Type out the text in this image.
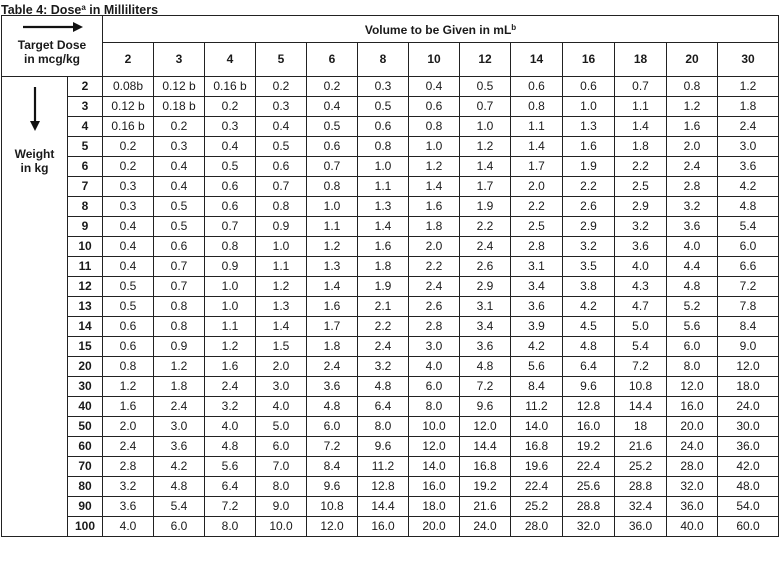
Table 4: Dose$^a$ in Milliliters
Target Dose
in mcg/kg		Volume to be Given in $mL^b$
		2	3	4	5	6	8	10	12	14	16	18	20	30

Weight
in kg	2	0.08b	0.12 b	0.16 b	0.2	0.2	0.3	0.4	0.5	0.6	0.6	0.7	0.8	1.2
	3	0.12 b	0.18 b	0.2	0.3	0.4	0.5	0.6	0.7	0.8	1.0	1.1	1.2	1.8
	4	0.16 b	0.2	0.3	0.4	0.5	0.6	0.8	1.0	1.1	1.3	1.4	1.6	2.4
	5	0.2	0.3	0.4	0.5	0.6	0.8	1.0	1.2	1.4	1.6	1.8	2.0	3.0
	6	0.2	0.4	0.5	0.6	0.7	1.0	1.2	1.4	1.7	1.9	2.2	2.4	3.6
	7	0.3	0.4	0.6	0.7	0.8	1.1	1.4	1.7	2.0	2.2	2.5	2.8	4.2
	8	0.3	0.5	0.6	0.8	1.0	1.3	1.6	1.9	2.2	2.6	2.9	3.2	4.8
	9	0.4	0.5	0.7	0.9	1.1	1.4	1.8	2.2	2.5	2.9	3.2	3.6	5.4
	10	0.4	0.6	0.8	1.0	1.2	1.6	2.0	2.4	2.8	3.2	3.6	4.0	6.0
	11	0.4	0.7	0.9	1.1	1.3	1.8	2.2	2.6	3.1	3.5	4.0	4.4	6.6
	12	0.5	0.7	1.0	1.2	1.4	1.9	2.4	2.9	3.4	3.8	4.3	4.8	7.2
	13	0.5	0.8	1.0	1.3	1.6	2.1	2.6	3.1	3.6	4.2	4.7	5.2	7.8
	14	0.6	0.8	1.1	1.4	1.7	2.2	2.8	3.4	3.9	4.5	5.0	5.6	8.4
	15	0.6	0.9	1.2	1.5	1.8	2.4	3.0	3.6	4.2	4.8	5.4	6.0	9.0
	20	0.8	1.2	1.6	2.0	2.4	3.2	4.0	4.8	5.6	6.4	7.2	8.0	12.0
	30	1.2	1.8	2.4	3.0	3.6	4.8	6.0	7.2	8.4	9.6	10.8	12.0	18.0
	40	1.6	2.4	3.2	4.0	4.8	6.4	8.0	9.6	11.2	12.8	14.4	16.0	24.0
	50	2.0	3.0	4.0	5.0	6.0	8.0	10.0	12.0	14.0	16.0	18	20.0	30.0
	60	2.4	3.6	4.8	6.0	7.2	9.6	12.0	14.4	16.8	19.2	21.6	24.0	36.0
	70	2.8	4.2	5.6	7.0	8.4	11.2	14.0	16.8	19.6	22.4	25.2	28.0	42.0
	80	3.2	4.8	6.4	8.0	9.6	12.8	16.0	19.2	22.4	25.6	28.8	32.0	48.0
	90	3.6	5.4	7.2	9.0	10.8	14.4	18.0	21.6	25.2	28.8	32.4	36.0	54.0
	100	4.0	6.0	8.0	10.0	12.0	16.0	20.0	24.0	28.0	32.0	36.0	40.0	60.0
